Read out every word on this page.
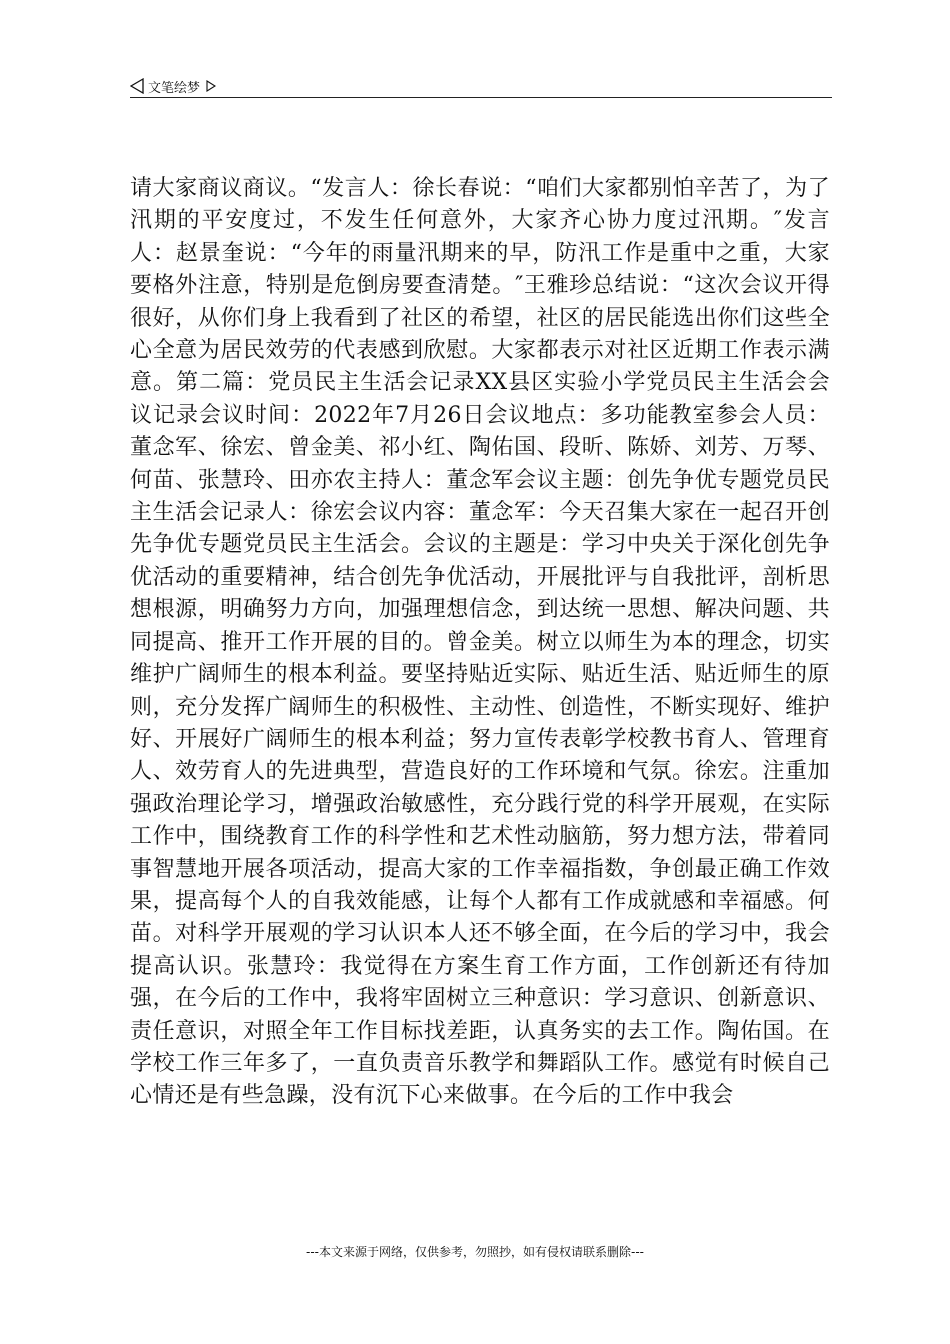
文笔绘梦

请大家商议商议。“发言人：徐长春说：“咱们大家都别怕辛苦了，为了汛期的平安度过，不发生任何意外，大家齐心协力度过汛期。″发言人：赵景奎说：“今年的雨量汛期来的早，防汛工作是重中之重，大家要格外注意，特别是危倒房要查清楚。″王雅珍总结说：“这次会议开得很好，从你们身上我看到了社区的希望，社区的居民能选出你们这些全心全意为居民效劳的代表感到欣慰。大家都表示对社区近期工作表示满意。第二篇：党员民主生活会记录XX县区实验小学党员民主生活会会议记录会议时间：2022年7月26日会议地点：多功能教室参会人员：董念军、徐宏、曾金美、祁小红、陶佑国、段昕、陈娇、刘芳、万琴、何苗、张慧玲、田亦农主持人：董念军会议主题：创先争优专题党员民主生活会记录人：徐宏会议内容：董念军：今天召集大家在一起召开创先争优专题党员民主生活会。会议的主题是：学习中央关于深化创先争优活动的重要精神，结合创先争优活动，开展批评与自我批评，剖析思想根源，明确努力方向，加强理想信念，到达统一思想、解决问题、共同提高、推开工作开展的目的。曾金美。树立以师生为本的理念，切实维护广阔师生的根本利益。要坚持贴近实际、贴近生活、贴近师生的原则，充分发挥广阔师生的积极性、主动性、创造性，不断实现好、维护好、开展好广阔师生的根本利益；努力宣传表彰学校教书育人、管理育人、效劳育人的先进典型，营造良好的工作环境和气氛。徐宏。注重加强政治理论学习，增强政治敏感性，充分践行党的科学开展观，在实际工作中，围绕教育工作的科学性和艺术性动脑筋，努力想方法，带着同事智慧地开展各项活动，提高大家的工作幸福指数，争创最正确工作效果，提高每个人的自我效能感，让每个人都有工作成就感和幸福感。何苗。对科学开展观的学习认识本人还不够全面，在今后的学习中，我会提高认识。张慧玲：我觉得在方案生育工作方面，工作创新还有待加强，在今后的工作中，我将牢固树立三种意识：学习意识、创新意识、责任意识，对照全年工作目标找差距，认真务实的去工作。陶佑国。在学校工作三年多了，一直负责音乐教学和舞蹈队工作。感觉有时候自己心情还是有些急躁，没有沉下心来做事。在今后的工作中我会

---本文来源于网络，仅供参考，勿照抄，如有侵权请联系删除---
